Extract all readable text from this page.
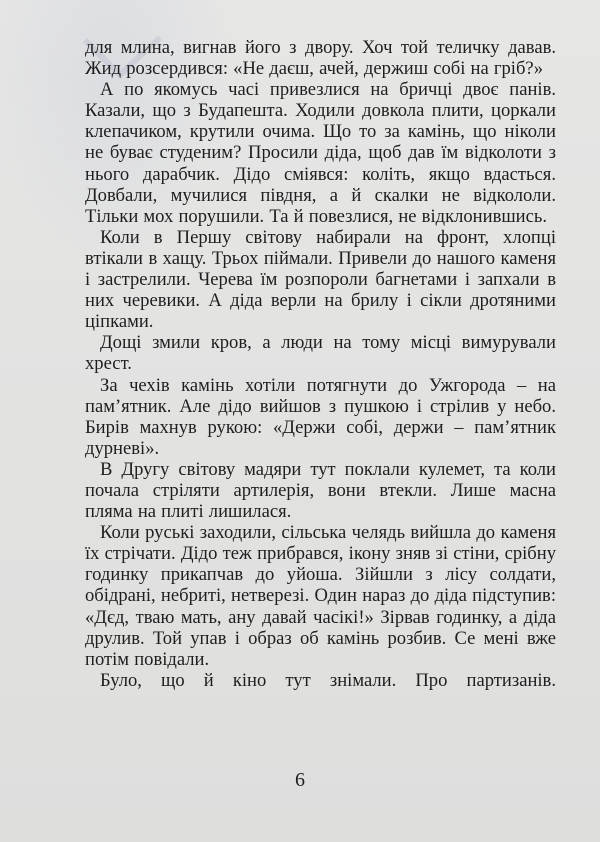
для млина, вигнав його з двору. Хоч той теличку давав. Жид розсердився: «Не даєш, ачей, держиш собі на гріб?»

А по якомусь часі привезлися на бричці двоє панів. Казали, що з Будапешта. Ходили довкола плити, цоркали клепачиком, крутили очима. Що то за камінь, що ніколи не буває студеним? Просили діда, щоб дав їм відколоти з нього дарабчик. Дідо сміявся: коліть, якщо вдасться. Довбали, мучилися півдня, а й скалки не відкололи. Тільки мох порушили. Та й повезлися, не відклонившись.

Коли в Першу світову набирали на фронт, хлопці втікали в хащу. Трьох піймали. Привели до нашого каменя і застрелили. Черева їм розпороли багнетами і запхали в них черевики. А діда верли на брилу і сікли дротяними ціпками.

Дощі змили кров, а люди на тому місці вимурували хрест.

За чехів камінь хотіли потягнути до Ужгорода – на пам’ятник. Але дідо вийшов з пушкою і стрілив у небо. Бирів махнув рукою: «Держи собі, держи – пам’ятник дурневі».

В Другу світову мадяри тут поклали кулемет, та коли почала стріляти артилерія, вони втекли. Лише масна пляма на плиті лишилася.

Коли руські заходили, сільська челядь вийшла до каменя їх стрічати. Дідо теж прибрався, ікону зняв зі стіни, срібну годинку прикапчав до уйоша. Зійшли з лісу солдати, обідрані, небриті, нетверезі. Один нараз до діда підступив: «Дєд, тваю мать, ану давай часікі!» Зірвав годинку, а діда друлив. Той упав і образ об камінь розбив. Се мені вже потім повідали.

Було, що й кіно тут знімали. Про партизанів.

6
